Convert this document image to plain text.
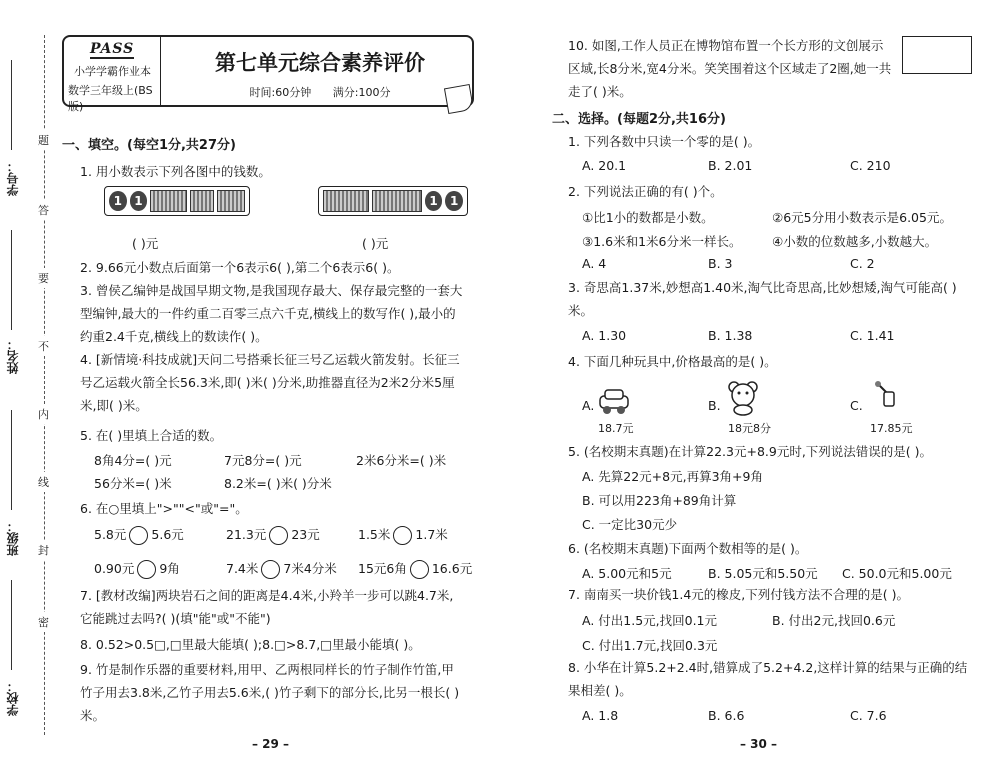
学号：
姓名：
班级：
学校：
题
答
要
不
内
线
封
密
PASS
小学学霸作业本
数学三年级上(BS版)
第七单元综合素养评价
时间:60分钟 满分:100分
一、填空。(每空1分,共27分)
1. 用小数表示下列各图中的钱数。
1	1	1	1
( )元	( )元
2. 9.66元小数点后面第一个6表示6( ),第二个6表示6( )。
3. 曾侯乙编钟是战国早期文物,是我国现存最大、保存最完整的一套大型编钟,最大的一件约重二百零三点六千克,横线上的数写作( ),最小的约重2.4千克,横线上的数读作( )。
4. [新情境·科技成就]天问二号搭乘长征三号乙运载火箭发射。长征三号乙运载火箭全长56.3米,即( )米( )分米,助推器直径为2米2分米5厘米,即( )米。
5. 在( )里填上合适的数。
8角4分=( )元	7元8分=( )元	2米6分米=( )米
56分米=( )米	8.2米=( )米( )分米
6. 在○里填上">""<"或"="。
5.8元 5.6元	21.3元 23元	1.5米 1.7米
0.90元 9角	7.4米 7米4分米 15元6角 16.6元
7. [教材改编]两块岩石之间的距离是4.4米,小羚羊一步可以跳4.7米,它能跳过去吗?( )(填"能"或"不能")
8. 0.52>0.5□,□里最大能填( );8.□>8.7,□里最小能填( )。
9. 竹是制作乐器的重要材料,用甲、乙两根同样长的竹子制作竹笛,甲竹子用去3.8米,乙竹子用去5.6米,( )竹子剩下的部分长,比另一根长( )米。
– 29 –
10. 如图,工作人员正在博物馆布置一个长方形的文创展示区域,长8分米,宽4分米。笑笑围着这个区域走了2圈,她一共走了( )米。
二、选择。(每题2分,共16分)
1. 下列各数中只读一个零的是( )。
A. 20.1	B. 2.01	C. 210
2. 下列说法正确的有( )个。
①比1小的数都是小数。	②6元5分用小数表示是6.05元。
③1.6米和1米6分米一样长。 ④小数的位数越多,小数越大。
A. 4	B. 3	C. 2
3. 奇思高1.37米,妙想高1.40米,淘气比奇思高,比妙想矮,淘气可能高( )米。
A. 1.30	B. 1.38	C. 1.41
4. 下面几种玩具中,价格最高的是( )。
A.	B.	C.
18.7元	18元8分	17.85元
5. (名校期末真题)在计算22.3元+8.9元时,下列说法错误的是( )。
A. 先算22元+8元,再算3角+9角
B. 可以用223角+89角计算
C. 一定比30元少
6. (名校期末真题)下面两个数相等的是( )。
A. 5.00元和5元	B. 5.05元和5.50元 C. 50.0元和5.00元
7. 南南买一块价钱1.4元的橡皮,下列付钱方法不合理的是( )。
A. 付出1.5元,找回0.1元	B. 付出2元,找回0.6元
C. 付出1.7元,找回0.3元
8. 小华在计算5.2+2.4时,错算成了5.2+4.2,这样计算的结果与正确的结果相差( )。
A. 1.8	B. 6.6	C. 7.6
– 30 –
